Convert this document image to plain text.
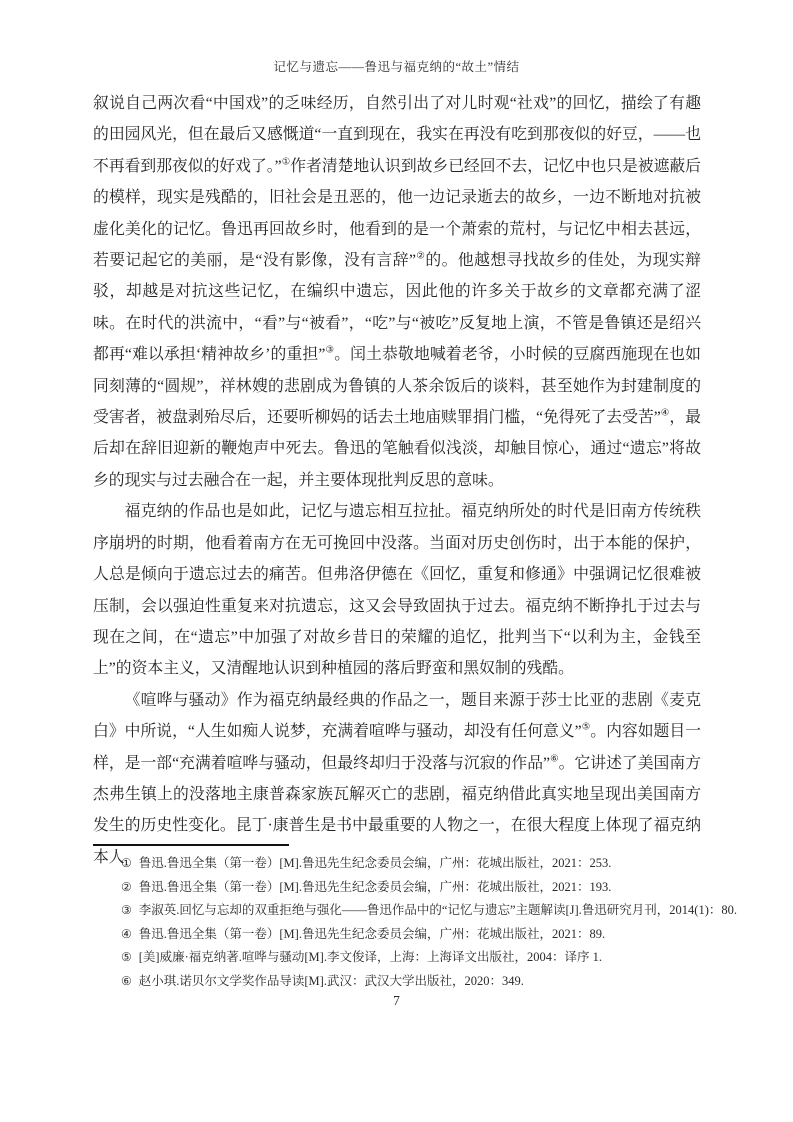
记忆与遗忘——鲁迅与福克纳的“故土”情结

叙说自己两次看“中国戏”的乏味经历，自然引出了对儿时观“社戏”的回忆，描绘了有趣的田园风光，但在最后又感慨道“一直到现在，我实在再没有吃到那夜似的好豆，——也不再看到那夜似的好戏了。”①作者清楚地认识到故乡已经回不去，记忆中也只是被遮蔽后的模样，现实是残酷的，旧社会是丑恶的，他一边记录逝去的故乡，一边不断地对抗被虚化美化的记忆。鲁迅再回故乡时，他看到的是一个萧索的荒村，与记忆中相去甚远，若要记起它的美丽，是“没有影像，没有言辞”②的。他越想寻找故乡的佳处，为现实辩驳，却越是对抗这些记忆，在编织中遗忘，因此他的许多关于故乡的文章都充满了涩味。在时代的洪流中，“看”与“被看”，“吃”与“被吃”反复地上演，不管是鲁镇还是绍兴都再“难以承担‘精神故乡’的重担”③。闰土恭敬地喊着老爷，小时候的豆腐西施现在也如同刻薄的“圆规”，祥林嫂的悲剧成为鲁镇的人茶余饭后的谈料，甚至她作为封建制度的受害者，被盘剥殆尽后，还要听柳妈的话去土地庙赎罪捐门槛，“免得死了去受苦”④，最后却在辞旧迎新的鞭炮声中死去。鲁迅的笔触看似浅淡，却触目惊心，通过“遗忘”将故乡的现实与过去融合在一起，并主要体现批判反思的意味。

福克纳的作品也是如此，记忆与遗忘相互拉扯。福克纳所处的时代是旧南方传统秩序崩坍的时期，他看着南方在无可挽回中没落。当面对历史创伤时，出于本能的保护，人总是倾向于遗忘过去的痛苦。但弗洛伊德在《回忆，重复和修通》中强调记忆很难被压制，会以强迫性重复来对抗遗忘，这又会导致固执于过去。福克纳不断挣扎于过去与现在之间，在“遗忘”中加强了对故乡昔日的荣耀的追忆，批判当下“以利为主，金钱至上”的资本主义，又清醒地认识到种植园的落后野蛮和黑奴制的残酷。

《喧哗与骚动》作为福克纳最经典的作品之一，题目来源于莎士比亚的悲剧《麦克白》中所说，“人生如痴人说梦，充满着喧哗与骚动，却没有任何意义”⑤。内容如题目一样，是一部“充满着喧哗与骚动，但最终却归于没落与沉寂的作品”⑥。它讲述了美国南方杰弗生镇上的没落地主康普森家族瓦解灭亡的悲剧，福克纳借此真实地呈现出美国南方发生的历史性变化。昆丁·康普生是书中最重要的人物之一，在很大程度上体现了福克纳本人

① 鲁迅.鲁迅全集（第一卷）[M].鲁迅先生纪念委员会编，广州：花城出版社，2021：253.
② 鲁迅.鲁迅全集（第一卷）[M].鲁迅先生纪念委员会编，广州：花城出版社，2021：193.
③ 李淑英.回忆与忘却的双重拒绝与强化——鲁迅作品中的“记忆与遗忘”主题解读[J].鲁迅研究月刊，2014(1)：80.
④ 鲁迅.鲁迅全集（第一卷）[M].鲁迅先生纪念委员会编，广州：花城出版社，2021：89.
⑤ [美]威廉·福克纳著.喧哗与骚动[M].李文俊译，上海：上海译文出版社，2004：译序 1.
⑥ 赵小琪.诺贝尔文学奖作品导读[M].武汉：武汉大学出版社，2020：349.
7
